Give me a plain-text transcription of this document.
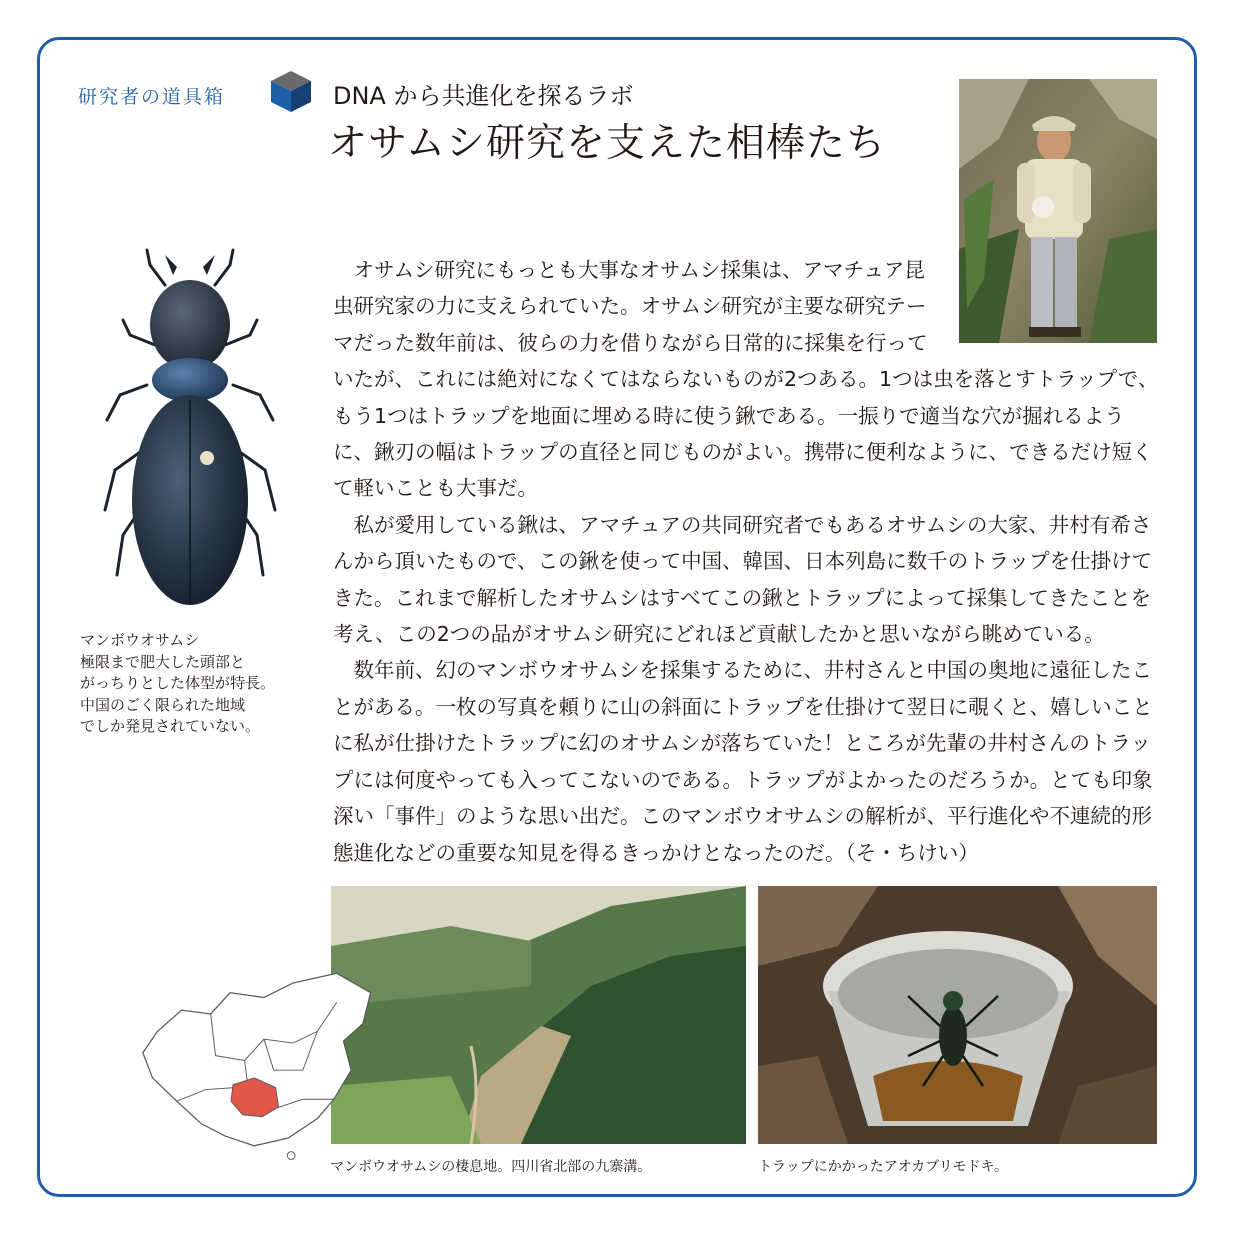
研究者の道具箱	DNA から共進化を探るラボ
オサムシ研究を支えた相棒たち
マンボウオサムシ
極限まで肥大した頭部と
がっちりとした体型が特長。
中国のごく限られた地域
でしか発見されていない。

オサムシ研究にもっとも大事なオサムシ採集は、アマチュア昆虫研究家の力に支えられていた。オサムシ研究が主要な研究テーマだった数年前は、彼らの力を借りながら日常的に採集を行っていたが、これには絶対になくてはならないものが2つある。1つは虫を落とすトラップで、もう1つはトラップを地面に埋める時に使う鍬である。一振りで適当な穴が掘れるように、鍬刃の幅はトラップの直径と同じものがよい。携帯に便利なように、できるだけ短くて軽いことも大事だ。

私が愛用している鍬は、アマチュアの共同研究者でもあるオサムシの大家、井村有希さんから頂いたもので、この鍬を使って中国、韓国、日本列島に数千のトラップを仕掛けてきた。これまで解析したオサムシはすべてこの鍬とトラップによって採集してきたことを考え、この2つの品がオサムシ研究にどれほど貢献したかと思いながら眺めている。

数年前、幻のマンボウオサムシを採集するために、井村さんと中国の奥地に遠征したことがある。一枚の写真を頼りに山の斜面にトラップを仕掛けて翌日に覗くと、嬉しいことに私が仕掛けたトラップに幻のオサムシが落ちていた！ところが先輩の井村さんのトラップには何度やっても入ってこないのである。トラップがよかったのだろうか。とても印象深い「事件」のような思い出だ。このマンボウオサムシの解析が、平行進化や不連続的形態進化などの重要な知見を得るきっかけとなったのだ。（そ・ちけい）

マンボウオサムシの棲息地。四川省北部の九寨溝。	トラップにかかったアオカブリモドキ。
